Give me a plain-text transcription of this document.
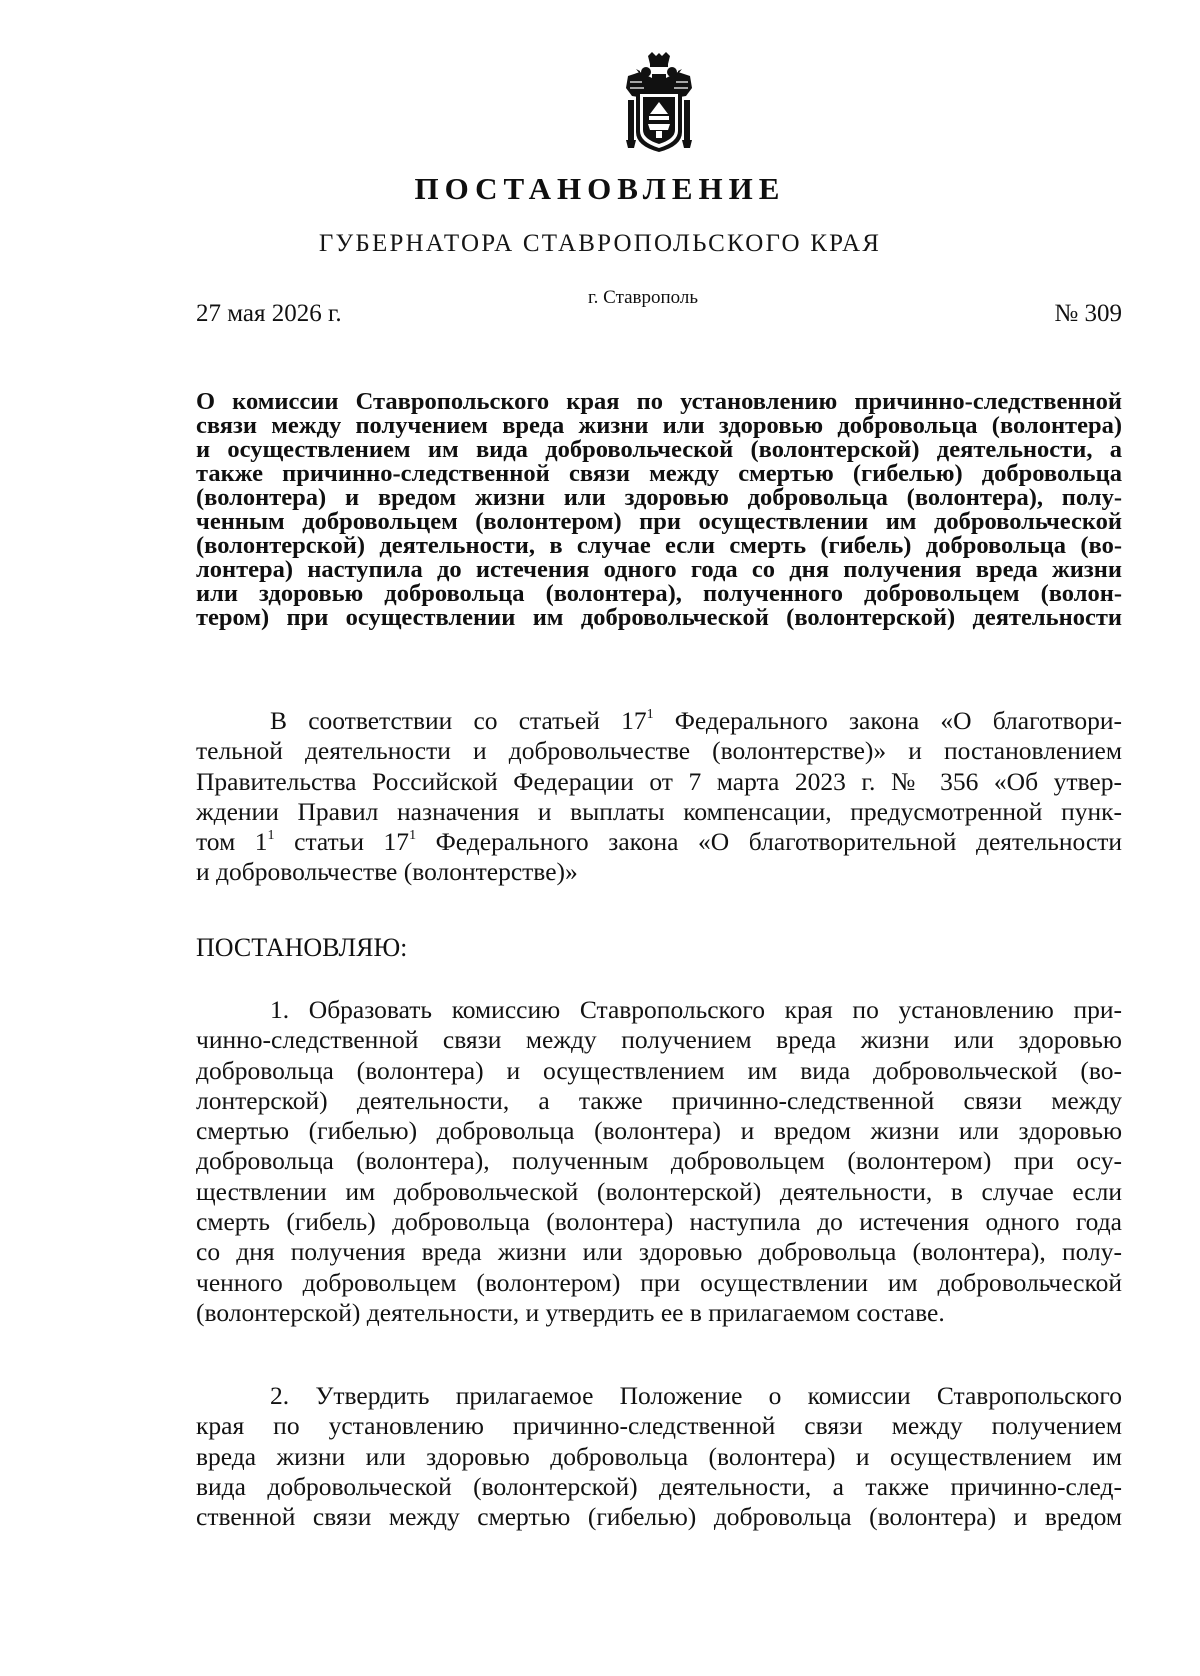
ПОСТАНОВЛЕНИЕ
ГУБЕРНАТОРА СТАВРОПОЛЬСКОГО КРАЯ
27 мая 2026 г.
г. Ставрополь
№ 309
О комиссии Ставропольского края по установлению причинно-следственной
связи между получением вреда жизни или здоровью добровольца (волонтера)
и осуществлением им вида добровольческой (волонтерской) деятельности, а
также причинно-следственной связи между смертью (гибелью) добровольца
(волонтера) и вредом жизни или здоровью добровольца (волонтера), полу-
ченным добровольцем (волонтером) при осуществлении им добровольческой
(волонтерской) деятельности, в случае если смерть (гибель) добровольца (во-
лонтера) наступила до истечения одного года со дня получения вреда жизни
или здоровью добровольца (волонтера), полученного добровольцем (волон-
тером) при осуществлении им добровольческой (волонтерской) деятельности
В соответствии со статьей $17^1$ Федерального закона «О благотвори-
тельной деятельности и добровольчестве (волонтерстве)» и постановлением
Правительства Российской Федерации от 7 марта 2023 г. № 356 «Об утвер-
ждении Правил назначения и выплаты компенсации, предусмотренной пунк-
том $1^1$ статьи $17^1$ Федерального закона «О благотворительной деятельности
и добровольчестве (волонтерстве)»
ПОСТАНОВЛЯЮ:
1. Образовать комиссию Ставропольского края по установлению при-
чинно-следственной связи между получением вреда жизни или здоровью
добровольца (волонтера) и осуществлением им вида добровольческой (во-
лонтерской) деятельности, а также причинно-следственной связи между
смертью (гибелью) добровольца (волонтера) и вредом жизни или здоровью
добровольца (волонтера), полученным добровольцем (волонтером) при осу-
ществлении им добровольческой (волонтерской) деятельности, в случае если
смерть (гибель) добровольца (волонтера) наступила до истечения одного года
со дня получения вреда жизни или здоровью добровольца (волонтера), полу-
ченного добровольцем (волонтером) при осуществлении им добровольческой
(волонтерской) деятельности, и утвердить ее в прилагаемом составе.
2. Утвердить прилагаемое Положение о комиссии Ставропольского
края по установлению причинно-следственной связи между получением
вреда жизни или здоровью добровольца (волонтера) и осуществлением им
вида добровольческой (волонтерской) деятельности, а также причинно-след-
ственной связи между смертью (гибелью) добровольца (волонтера) и вредом
